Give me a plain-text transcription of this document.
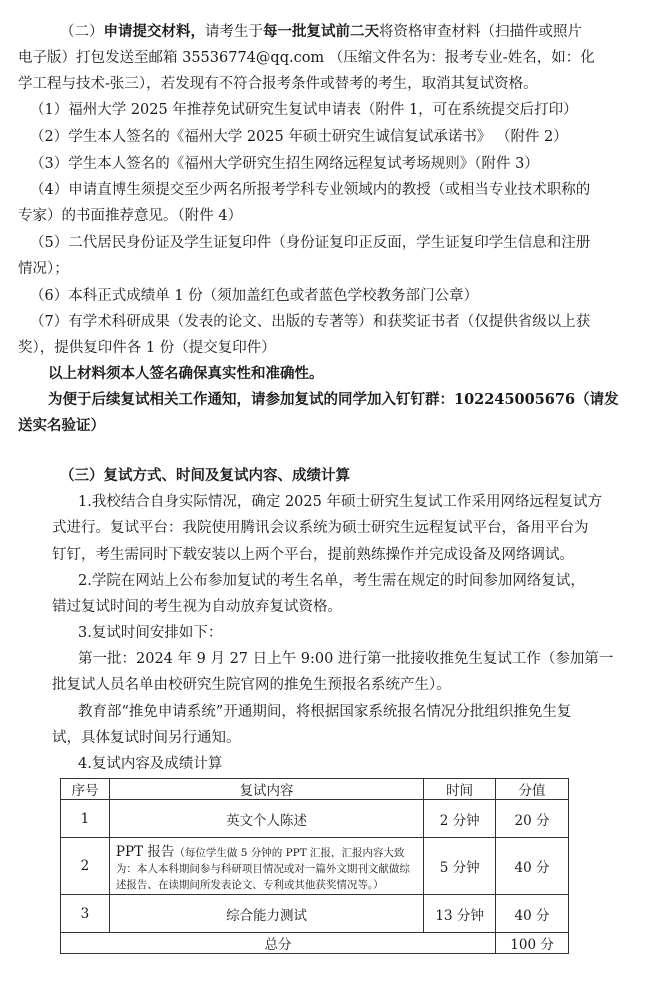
（二）申请提交材料，请考生于每一批复试前二天将资格审查材料（扫描件或照片
电子版）打包发送至邮箱 35536774@qq.com （压缩文件名为：报考专业-姓名，如：化
学工程与技术-张三），若发现有不符合报考条件或替考的考生，取消其复试资格。
（1）福州大学 2025 年推荐免试研究生复试申请表（附件 1，可在系统提交后打印）
（2）学生本人签名的《福州大学 2025 年硕士研究生诚信复试承诺书》 （附件 2）
（3）学生本人签名的《福州大学研究生招生网络远程复试考场规则》（附件 3）
（4）申请直博生须提交至少两名所报考学科专业领域内的教授（或相当专业技术职称的
专家）的书面推荐意见。（附件 4）
（5）二代居民身份证及学生证复印件（身份证复印正反面，学生证复印学生信息和注册
情况）；
（6）本科正式成绩单 1 份（须加盖红色或者蓝色学校教务部门公章）
（7）有学术科研成果（发表的论文、出版的专著等）和获奖证书者（仅提供省级以上获
奖），提供复印件各 1 份（提交复印件）
以上材料须本人签名确保真实性和准确性。
为便于后续复试相关工作通知，请参加复试的同学加入钉钉群：102245005676（请发
送实名验证）
（三）复试方式、时间及复试内容、成绩计算
1.我校结合自身实际情况，确定 2025 年硕士研究生复试工作采用网络远程复试方
式进行。复试平台：我院使用腾讯会议系统为硕士研究生远程复试平台，备用平台为
钉钉，考生需同时下载安装以上两个平台，提前熟练操作并完成设备及网络调试。
2.学院在网站上公布参加复试的考生名单，考生需在规定的时间参加网络复试，
错过复试时间的考生视为自动放弃复试资格。
3.复试时间安排如下：
第一批：2024 年 9 月 27 日上午 9:00 进行第一批接收推免生复试工作（参加第一
批复试人员名单由校研究生院官网的推免生预报名系统产生）。
教育部“推免申请系统”开通期间，将根据国家系统报名情况分批组织推免生复
试，具体复试时间另行通知。
4.复试内容及成绩计算
序号	复试内容	时间	分值
1	英文个人陈述	2 分钟	20 分
2	PPT 报告（每位学生做 5 分钟的 PPT 汇报，汇报内容大致为：本人本科期间参与科研项目情况或对一篇外文期刊文献做综述报告、在读期间所发表论文、专利或其他获奖情况等。）	5 分钟	40 分
3	综合能力测试	13 分钟	40 分
总分			100 分
